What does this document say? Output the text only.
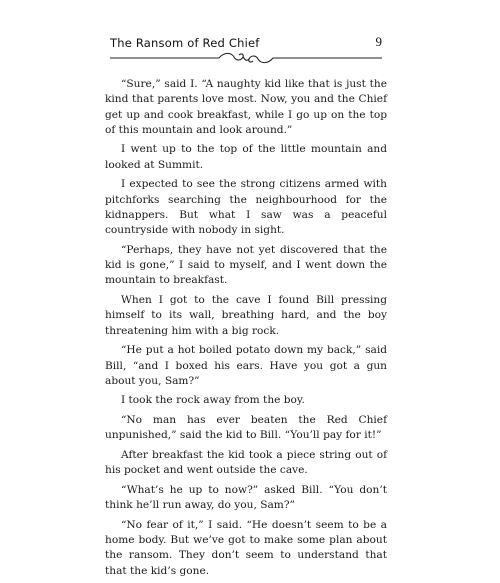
The Ransom of Red Chief	9

“Sure,” said I. “A naughty kid like that is just the kind that parents love most. Now, you and the Chief get up and cook breakfast, while I go up on the top of this mountain and look around.”

I went up to the top of the little mountain and looked at Summit.

I expected to see the strong citizens armed with pitchforks searching the neighbourhood for the kidnappers. But what I saw was a peaceful countryside with nobody in sight.

“Perhaps, they have not yet discovered that the kid is gone,” I said to myself, and I went down the mountain to breakfast.

When I got to the cave I found Bill pressing himself to its wall, breathing hard, and the boy threatening him with a big rock.

“He put a hot boiled potato down my back,” said Bill, “and I boxed his ears. Have you got a gun about you, Sam?”

I took the rock away from the boy.

“No man has ever beaten the Red Chief unpunished,” said the kid to Bill. “You’ll pay for it!”

After breakfast the kid took a piece string out of his pocket and went outside the cave.

“What’s he up to now?” asked Bill. “You don’t think he’ll run away, do you, Sam?”

“No fear of it,” I said. “He doesn’t seem to be a home body. But we’ve got to make some plan about the ransom. They don’t seem to understand that that the kid’s gone.
